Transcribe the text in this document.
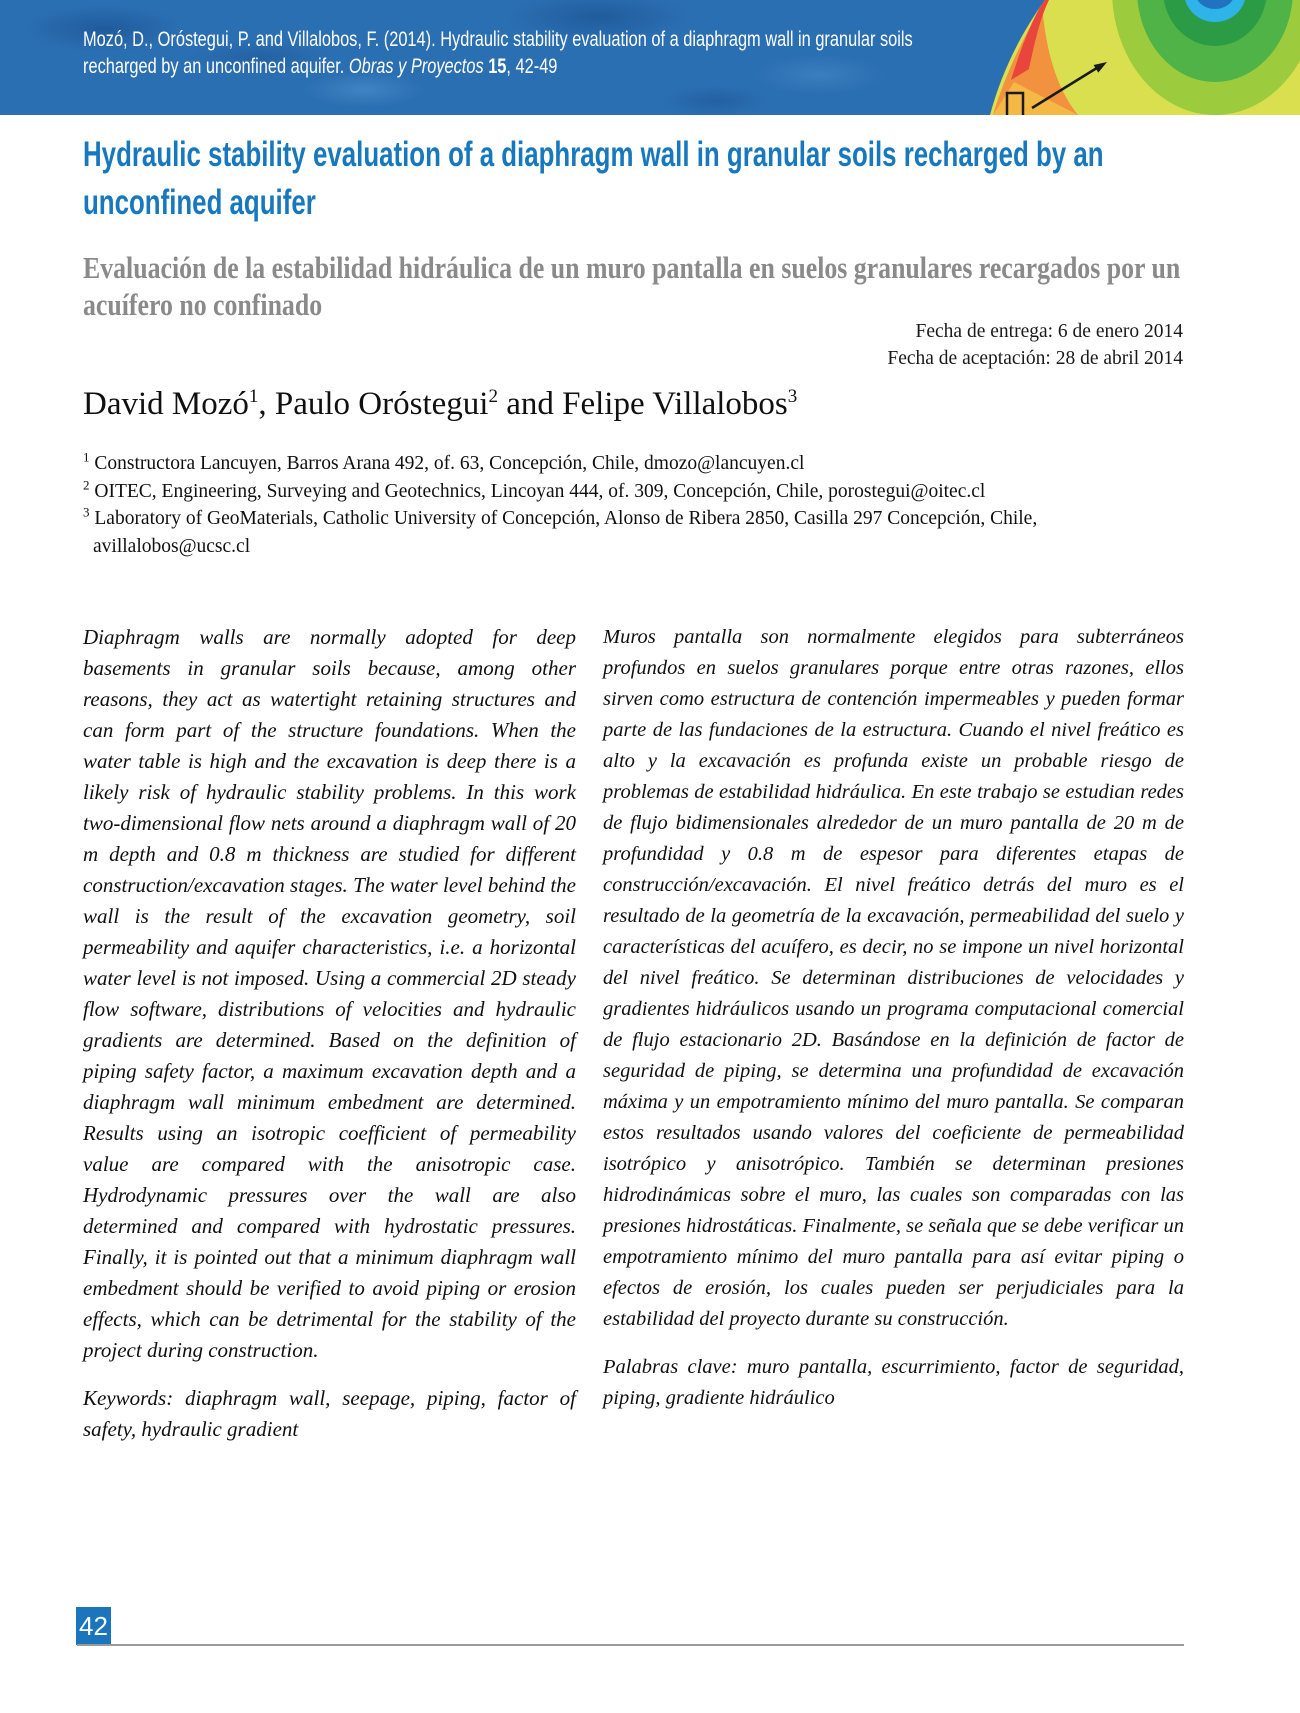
Mozó, D., Oróstegui, P. and Villalobos, F. (2014). Hydraulic stability evaluation of a diaphragm wall in granular soils recharged by an unconfined aquifer. Obras y Proyectos 15, 42-49
Hydraulic stability evaluation of a diaphragm wall in granular soils recharged by an unconfined aquifer
Evaluación de la estabilidad hidráulica de un muro pantalla en suelos granulares recargados por un acuífero no confinado
Fecha de entrega: 6 de enero 2014
Fecha de aceptación: 28 de abril 2014
David Mozó$^1$, Paulo Oróstegui$^2$ and Felipe Villalobos$^3$
$^1$ Constructora Lancuyen, Barros Arana 492, of. 63, Concepción, Chile, dmozo@lancuyen.cl
$^2$ OITEC, Engineering, Surveying and Geotechnics, Lincoyan 444, of. 309, Concepción, Chile, porostegui@oitec.cl
$^3$ Laboratory of GeoMaterials, Catholic University of Concepción, Alonso de Ribera 2850, Casilla 297 Concepción, Chile,
avillalobos@ucsc.cl

Diaphragm walls are normally adopted for deep basements in granular soils because, among other reasons, they act as watertight retaining structures and can form part of the structure foundations. When the water table is high and the excavation is deep there is a likely risk of hydraulic stability problems. In this work two-dimensional flow nets around a diaphragm wall of 20 m depth and 0.8 m thickness are studied for different construction/excavation stages. The water level behind the wall is the result of the excavation geometry, soil permeability and aquifer characteristics, i.e. a horizontal water level is not imposed. Using a commercial 2D steady flow software, distributions of velocities and hydraulic gradients are determined. Based on the definition of piping safety factor, a maximum excavation depth and a diaphragm wall minimum embedment are determined. Results using an isotropic coefficient of permeability value are compared with the anisotropic case. Hydrodynamic pressures over the wall are also determined and compared with hydrostatic pressures. Finally, it is pointed out that a minimum diaphragm wall embedment should be verified to avoid piping or erosion effects, which can be detrimental for the stability of the project during construction.

Keywords: diaphragm wall, seepage, piping, factor of safety, hydraulic gradient

Muros pantalla son normalmente elegidos para subterráneos profundos en suelos granulares porque entre otras razones, ellos sirven como estructura de contención impermeables y pueden formar parte de las fundaciones de la estructura. Cuando el nivel freático es alto y la excavación es profunda existe un probable riesgo de problemas de estabilidad hidráulica. En este trabajo se estudian redes de flujo bidimensionales alrededor de un muro pantalla de 20 m de profundidad y 0.8 m de espesor para diferentes etapas de construcción/excavación. El nivel freático detrás del muro es el resultado de la geometría de la excavación, permeabilidad del suelo y características del acuífero, es decir, no se impone un nivel horizontal del nivel freático. Se determinan distribuciones de velocidades y gradientes hidráulicos usando un programa computacional comercial de flujo estacionario 2D. Basándose en la definición de factor de seguridad de piping, se determina una profundidad de excavación máxima y un empotramiento mínimo del muro pantalla. Se comparan estos resultados usando valores del coeficiente de permeabilidad isotrópico y anisotrópico. También se determinan presiones hidrodinámicas sobre el muro, las cuales son comparadas con las presiones hidrostáticas. Finalmente, se señala que se debe verificar un empotramiento mínimo del muro pantalla para así evitar piping o efectos de erosión, los cuales pueden ser perjudiciales para la estabilidad del proyecto durante su construcción.

Palabras clave: muro pantalla, escurrimiento, factor de seguridad, piping, gradiente hidráulico

42
